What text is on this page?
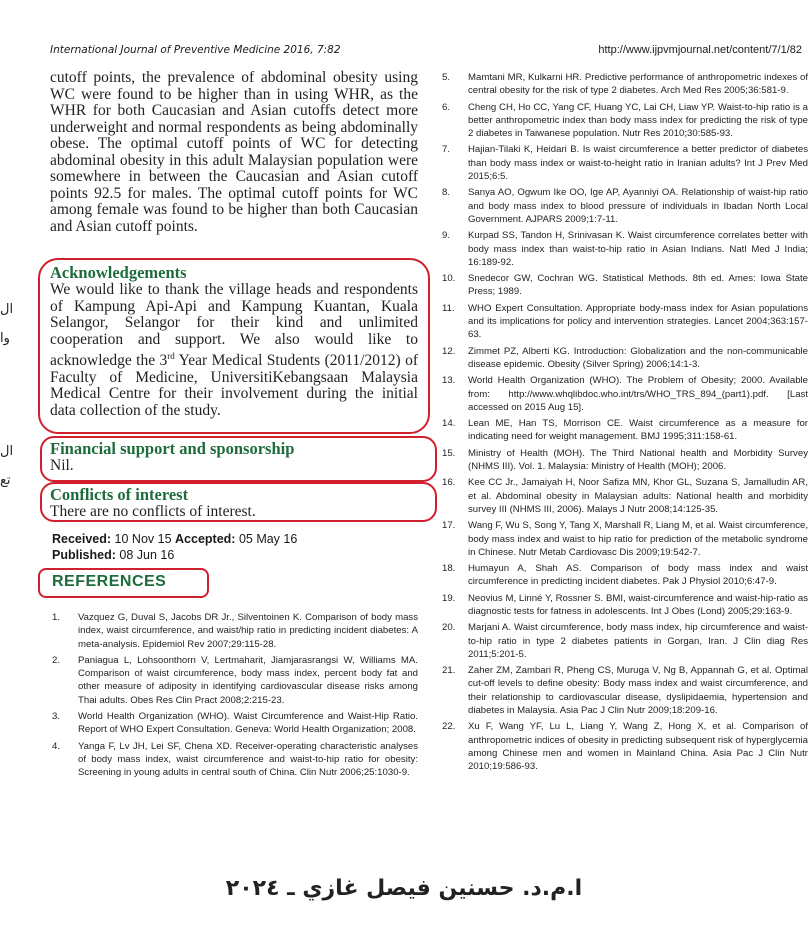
International Journal of Preventive Medicine 2016, 7:82	http://www.ijpvmjournal.net/content/7/1/82
ال
وا
ال
تع
cutoff points, the prevalence of abdominal obesity using WC were found to be higher than in using WHR, as the WHR for both Caucasian and Asian cutoffs detect more underweight and normal respondents as being abdominally obese. The optimal cutoff points of WC for detecting abdominal obesity in this adult Malaysian population were somewhere in between the Caucasian and Asian cutoff points 92.5 for males. The optimal cutoff points for WC among female was found to be higher than both Caucasian and Asian cutoff points.
Acknowledgements
We would like to thank the village heads and respondents of Kampung Api-Api and Kampung Kuantan, Kuala Selangor, Selangor for their kind and unlimited cooperation and support. We also would like to acknowledge the 3rd Year Medical Students (2011/2012) of Faculty of Medicine, UniversitiKebangsaan Malaysia Medical Centre for their involvement during the initial data collection of the study.
Financial support and sponsorship
Nil.
Conflicts of interest
There are no conflicts of interest.
Received: 10 Nov 15 Accepted: 05 May 16
Published: 08 Jun 16
REFERENCES
1.	Vazquez G, Duval S, Jacobs DR Jr., Silventoinen K. Comparison of body mass index, waist circumference, and waist/hip ratio in predicting incident diabetes: A meta-analysis. Epidemiol Rev 2007;29:115-28.
2.	Paniagua L, Lohsoonthorn V, Lertmaharit, Jiamjarasrangsi W, Williams MA. Comparison of waist circumference, body mass index, percent body fat and other measure of adiposity in identifying cardiovascular disease risks among Thai adults. Obes Res Clin Pract 2008;2:215-23.
3.	World Health Organization (WHO). Waist Circumference and Waist-Hip Ratio. Report of WHO Expert Consultation. Geneva: World Health Organization; 2008.
4.	Yanga F, Lv JH, Lei SF, Chena XD. Receiver-operating characteristic analyses of body mass index, waist circumference and waist-to-hip ratio for obesity: Screening in young adults in central south of China. Clin Nutr 2006;25:1030-9.
5.	Mamtani MR, Kulkarni HR. Predictive performance of anthropometric indexes of central obesity for the risk of type 2 diabetes. Arch Med Res 2005;36:581-9.
6.	Cheng CH, Ho CC, Yang CF, Huang YC, Lai CH, Liaw YP. Waist-to-hip ratio is a better anthropometric index than body mass index for predicting the risk of type 2 diabetes in Taiwanese population. Nutr Res 2010;30:585-93.
7.	Hajian-Tilaki K, Heidari B. Is waist circumference a better predictor of diabetes than body mass index or waist-to-height ratio in Iranian adults? Int J Prev Med 2015;6:5.
8.	Sanya AO, Ogwum Ike OO, Ige AP, Ayanniyi OA. Relationship of waist-hip ratio and body mass index to blood pressure of individuals in Ibadan North Local Government. AJPARS 2009;1:7-11.
9.	Kurpad SS, Tandon H, Srinivasan K. Waist circumference correlates better with body mass index than waist-to-hip ratio in Asian Indians. Natl Med J India; 16:189-92.
10.	Snedecor GW, Cochran WG. Statistical Methods. 8th ed. Ames: Iowa State Press; 1989.
11.	WHO Expert Consultation. Appropriate body-mass index for Asian populations and its implications for policy and intervention strategies. Lancet 2004;363:157-63.
12.	Zimmet PZ, Alberti KG. Introduction: Globalization and the non-communicable disease epidemic. Obesity (Silver Spring) 2006;14:1-3.
13.	World Health Organization (WHO). The Problem of Obesity; 2000. Available from: http://www.whqlibdoc.who.int/trs/WHO_TRS_894_(part1).pdf. [Last accessed on 2015 Aug 15].
14.	Lean ME, Han TS, Morrison CE. Waist circumference as a measure for indicating need for weight management. BMJ 1995;311:158-61.
15.	Ministry of Health (MOH). The Third National health and Morbidity Survey (NHMS III). Vol. 1. Malaysia: Ministry of Health (MOH); 2006.
16.	Kee CC Jr., Jamaiyah H, Noor Safiza MN, Khor GL, Suzana S, Jamalludin AR, et al. Abdominal obesity in Malaysian adults: National health and morbidity survey III (NHMS III, 2006). Malays J Nutr 2008;14:125-35.
17.	Wang F, Wu S, Song Y, Tang X, Marshall R, Liang M, et al. Waist circumference, body mass index and waist to hip ratio for prediction of the metabolic syndrome in Chinese. Nutr Metab Cardiovasc Dis 2009;19:542-7.
18.	Humayun A, Shah AS. Comparison of body mass index and waist circumference in predicting incident diabetes. Pak J Physiol 2010;6:47-9.
19.	Neovius M, Linné Y, Rossner S. BMI, waist-circumference and waist-hip-ratio as diagnostic tests for fatness in adolescents. Int J Obes (Lond) 2005;29:163-9.
20.	Marjani A. Waist circumference, body mass index, hip circumference and waist-to-hip ratio in type 2 diabetes patients in Gorgan, Iran. J Clin diag Res 2011;5:201-5.
21.	Zaher ZM, Zambari R, Pheng CS, Muruga V, Ng B, Appannah G, et al. Optimal cut-off levels to define obesity: Body mass index and waist circumference, and their relationship to cardiovascular disease, dyslipidaemia, hypertension and diabetes in Malaysia. Asia Pac J Clin Nutr 2009;18:209-16.
22.	Xu F, Wang YF, Lu L, Liang Y, Wang Z, Hong X, et al. Comparison of anthropometric indices of obesity in predicting subsequent risk of hyperglycemia among Chinese men and women in Mainland China. Asia Pac J Clin Nutr 2010;19:586-93.
ا.م.د. حسنين فيصل غازي ـ ٢٠٢٤
